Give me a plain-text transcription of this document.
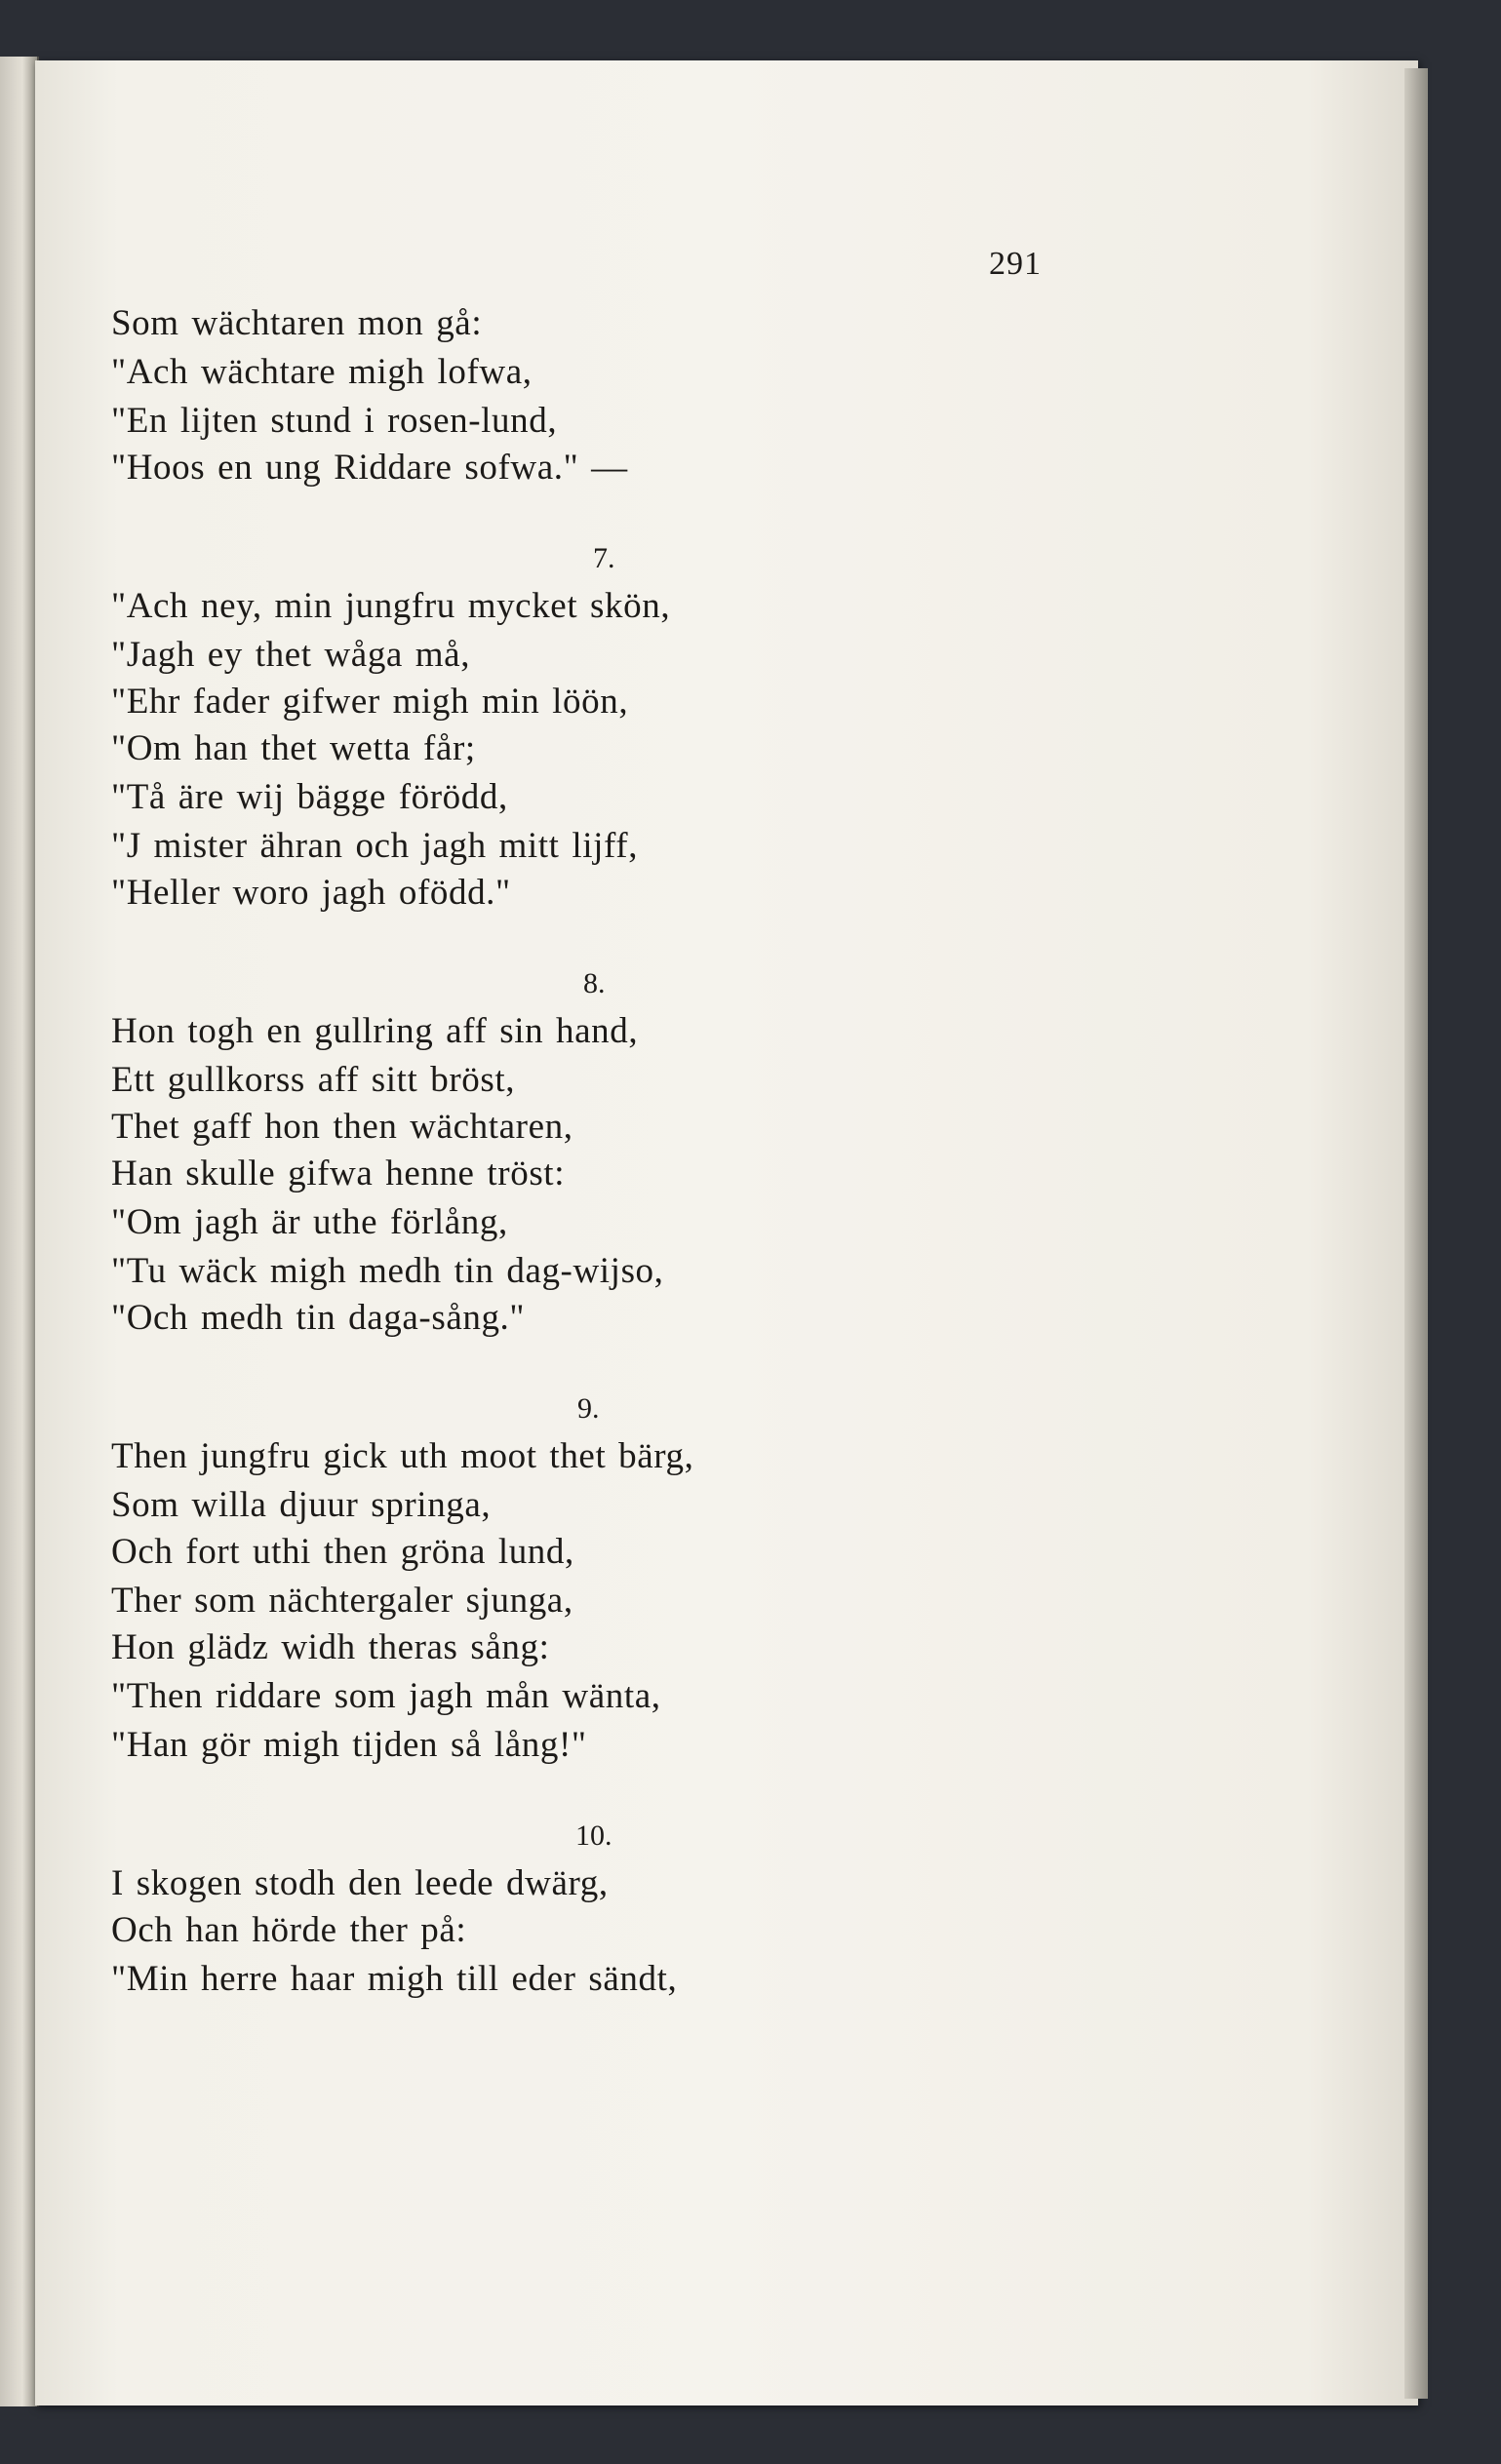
291
Som wächtaren mon gå:
"Ach wächtare migh lofwa,
"En lijten stund i rosen-lund,
"Hoos en ung Riddare sofwa." —
7.
"Ach ney, min jungfru mycket skön,
"Jagh ey thet wåga må,
"Ehr fader gifwer migh min löön,
"Om han thet wetta får;
"Tå äre wij bägge förödd,
"J mister ähran och jagh mitt lijff,
"Heller woro jagh ofödd."
8.
Hon togh en gullring aff sin hand,
Ett gullkorss aff sitt bröst,
Thet gaff hon then wächtaren,
Han skulle gifwa henne tröst:
"Om jagh är uthe förlång,
"Tu wäck migh medh tin dag-wijso,
"Och medh tin daga-sång."
9.
Then jungfru gick uth moot thet bärg,
Som willa djuur springa,
Och fort uthi then gröna lund,
Ther som nächtergaler sjunga,
Hon glädz widh theras sång:
"Then riddare som jagh mån wänta,
"Han gör migh tijden så lång!"
10.
I skogen stodh den leede dwärg,
Och han hörde ther på:
"Min herre haar migh till eder sändt,
